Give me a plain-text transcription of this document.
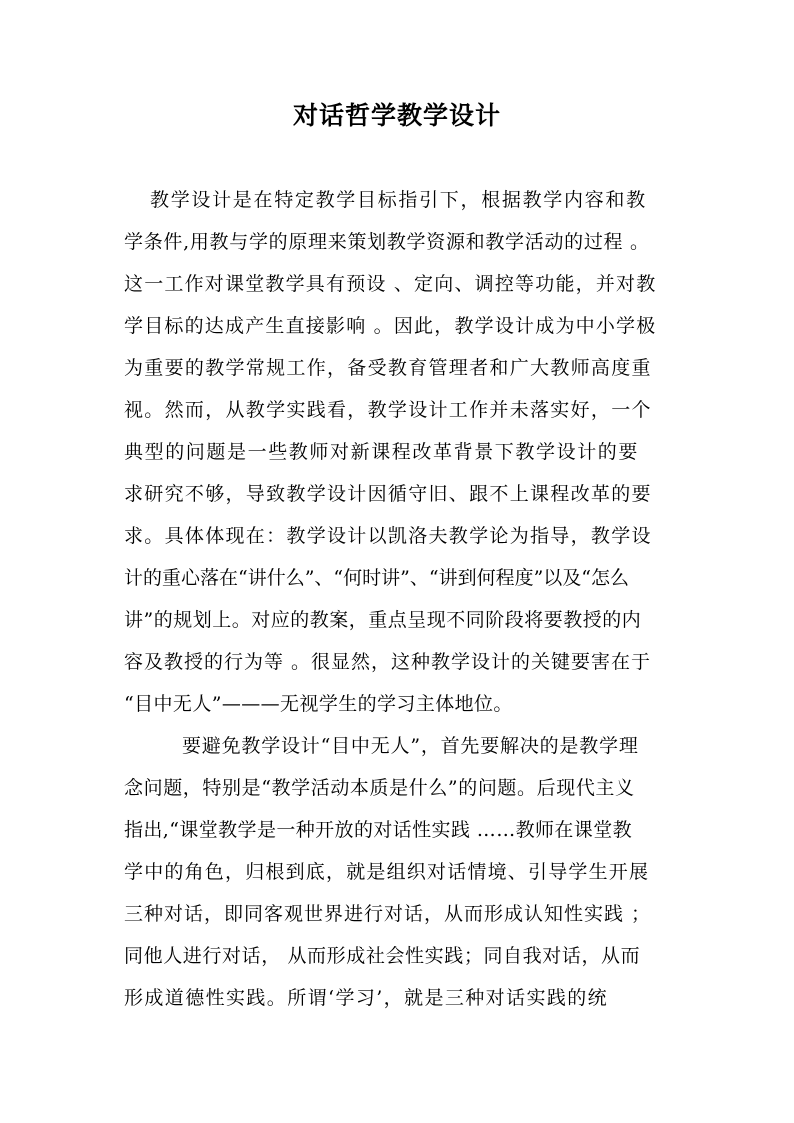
对话哲学教学设计
教学设计是在特定教学目标指引下，根据教学内容和教
学条件,用教与学的原理来策划教学资源和教学活动的过程 。
这一工作对课堂教学具有预设 、定向、调控等功能，并对教
学目标的达成产生直接影响 。因此，教学设计成为中小学极
为重要的教学常规工作，备受教育管理者和广大教师高度重
视。然而，从教学实践看，教学设计工作并未落实好，一个
典型的问题是一些教师对新课程改革背景下教学设计的要
求研究不够，导致教学设计因循守旧、跟不上课程改革的要
求。具体体现在：教学设计以凯洛夫教学论为指导，教学设
计的重心落在“讲什么”、“何时讲”、“讲到何程度”以及“怎么
讲”的规划上。对应的教案，重点呈现不同阶段将要教授的内
容及教授的行为等 。很显然，这种教学设计的关键要害在于
“目中无人”———无视学生的学习主体地位。
要避免教学设计“目中无人”，首先要解决的是教学理
念问题，特别是“教学活动本质是什么”的问题。后现代主义
指出,“课堂教学是一种开放的对话性实践 ……教师在课堂教
学中的角色，归根到底，就是组织对话情境、引导学生开展
三种对话，即同客观世界进行对话，从而形成认知性实践 ；
同他人进行对话， 从而形成社会性实践；同自我对话，从而
形成道德性实践。所谓‘学习’，就是三种对话实践的统
